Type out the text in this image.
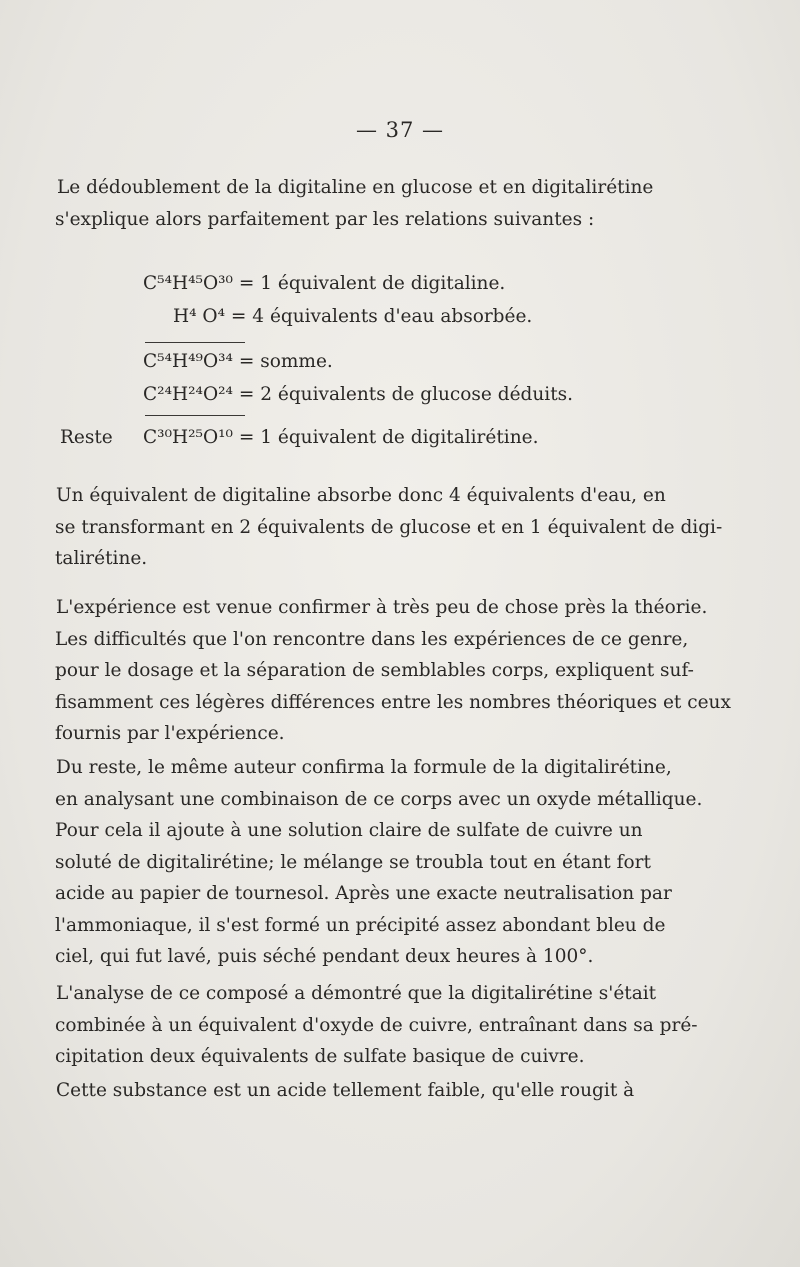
— 37 —

Le dédoublement de la digitaline en glucose et en digitalirétine
s'explique alors parfaitement par les relations suivantes :

C⁵⁴H⁴⁵O³⁰ = 1 équivalent de digitaline.
H⁴ O⁴ = 4 équivalents d'eau absorbée.
C⁵⁴H⁴⁹O³⁴ = somme.
C²⁴H²⁴O²⁴ = 2 équivalents de glucose déduits.
Reste C³⁰H²⁵O¹⁰ = 1 équivalent de digitalirétine.

Un équivalent de digitaline absorbe donc 4 équivalents d'eau, en
se transformant en 2 équivalents de glucose et en 1 équivalent de digi-
talirétine.

L'expérience est venue confirmer à très peu de chose près la théorie.
Les difficultés que l'on rencontre dans les expériences de ce genre,
pour le dosage et la séparation de semblables corps, expliquent suf-
fisamment ces légères différences entre les nombres théoriques et ceux
fournis par l'expérience.

Du reste, le même auteur confirma la formule de la digitalirétine,
en analysant une combinaison de ce corps avec un oxyde métallique.
Pour cela il ajoute à une solution claire de sulfate de cuivre un
soluté de digitalirétine; le mélange se troubla tout en étant fort
acide au papier de tournesol. Après une exacte neutralisation par
l'ammoniaque, il s'est formé un précipité assez abondant bleu de
ciel, qui fut lavé, puis séché pendant deux heures à 100°.

L'analyse de ce composé a démontré que la digitalirétine s'était
combinée à un équivalent d'oxyde de cuivre, entraînant dans sa pré-
cipitation deux équivalents de sulfate basique de cuivre.

Cette substance est un acide tellement faible, qu'elle rougit à
